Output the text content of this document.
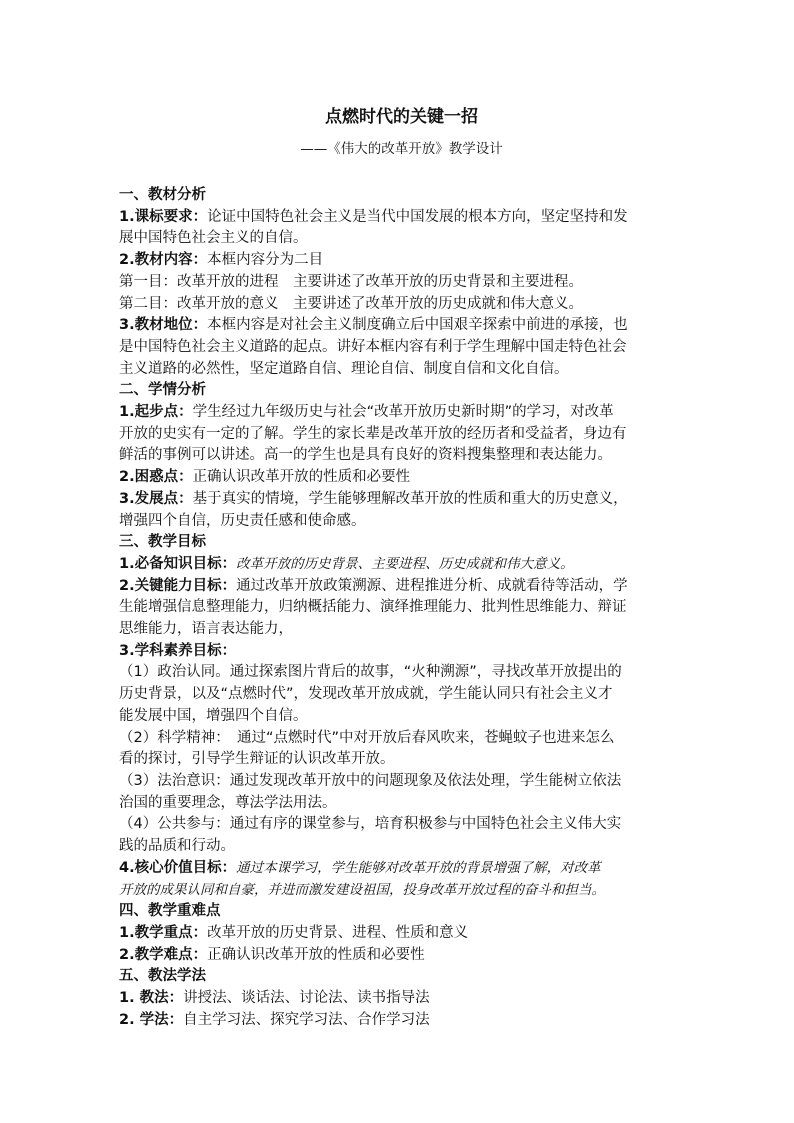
点燃时代的关键一招

——《伟大的改革开放》教学设计

一、教材分析

1.课标要求：论证中国特色社会主义是当代中国发展的根本方向，坚定坚持和发

展中国特色社会主义的自信。

2.教材内容：本框内容分为二目

第一目：改革开放的进程　主要讲述了改革开放的历史背景和主要进程。

第二目：改革开放的意义　主要讲述了改革开放的历史成就和伟大意义。

3.教材地位：本框内容是对社会主义制度确立后中国艰辛探索中前进的承接，也

是中国特色社会主义道路的起点。讲好本框内容有利于学生理解中国走特色社会

主义道路的必然性，坚定道路自信、理论自信、制度自信和文化自信。

二、学情分析

1.起步点：学生经过九年级历史与社会“改革开放历史新时期”的学习，对改革

开放的史实有一定的了解。学生的家长辈是改革开放的经历者和受益者，身边有

鲜活的事例可以讲述。高一的学生也是具有良好的资料搜集整理和表达能力。

2.困惑点：正确认识改革开放的性质和必要性

3.发展点：基于真实的情境，学生能够理解改革开放的性质和重大的历史意义，

增强四个自信，历史责任感和使命感。

三、教学目标

1.必备知识目标：改革开放的历史背景、主要进程、历史成就和伟大意义。

2.关键能力目标：通过改革开放政策溯源、进程推进分析、成就看待等活动，学

生能增强信息整理能力，归纳概括能力、演绎推理能力、批判性思维能力、辩证

思维能力，语言表达能力，

3.学科素养目标：

（1）政治认同。通过探索图片背后的故事，“火种溯源”，寻找改革开放提出的

历史背景，以及“点燃时代”，发现改革开放成就，学生能认同只有社会主义才

能发展中国，增强四个自信。

（2）科学精神：　通过“点燃时代”中对开放后春风吹来，苍蝇蚊子也进来怎么

看的探讨，引导学生辩证的认识改革开放。

（3）法治意识：通过发现改革开放中的问题现象及依法处理，学生能树立依法

治国的重要理念，尊法学法用法。

（4）公共参与：通过有序的课堂参与，培育积极参与中国特色社会主义伟大实

践的品质和行动。

4.核心价值目标：通过本课学习，学生能够对改革开放的背景增强了解，对改革

开放的成果认同和自豪，并进而激发建设祖国，投身改革开放过程的奋斗和担当。

四、教学重难点

1.教学重点：改革开放的历史背景、进程、性质和意义

2.教学难点：正确认识改革开放的性质和必要性

五、教法学法

1. 教法：讲授法、谈话法、讨论法、读书指导法

2. 学法：自主学习法、探究学习法、合作学习法
